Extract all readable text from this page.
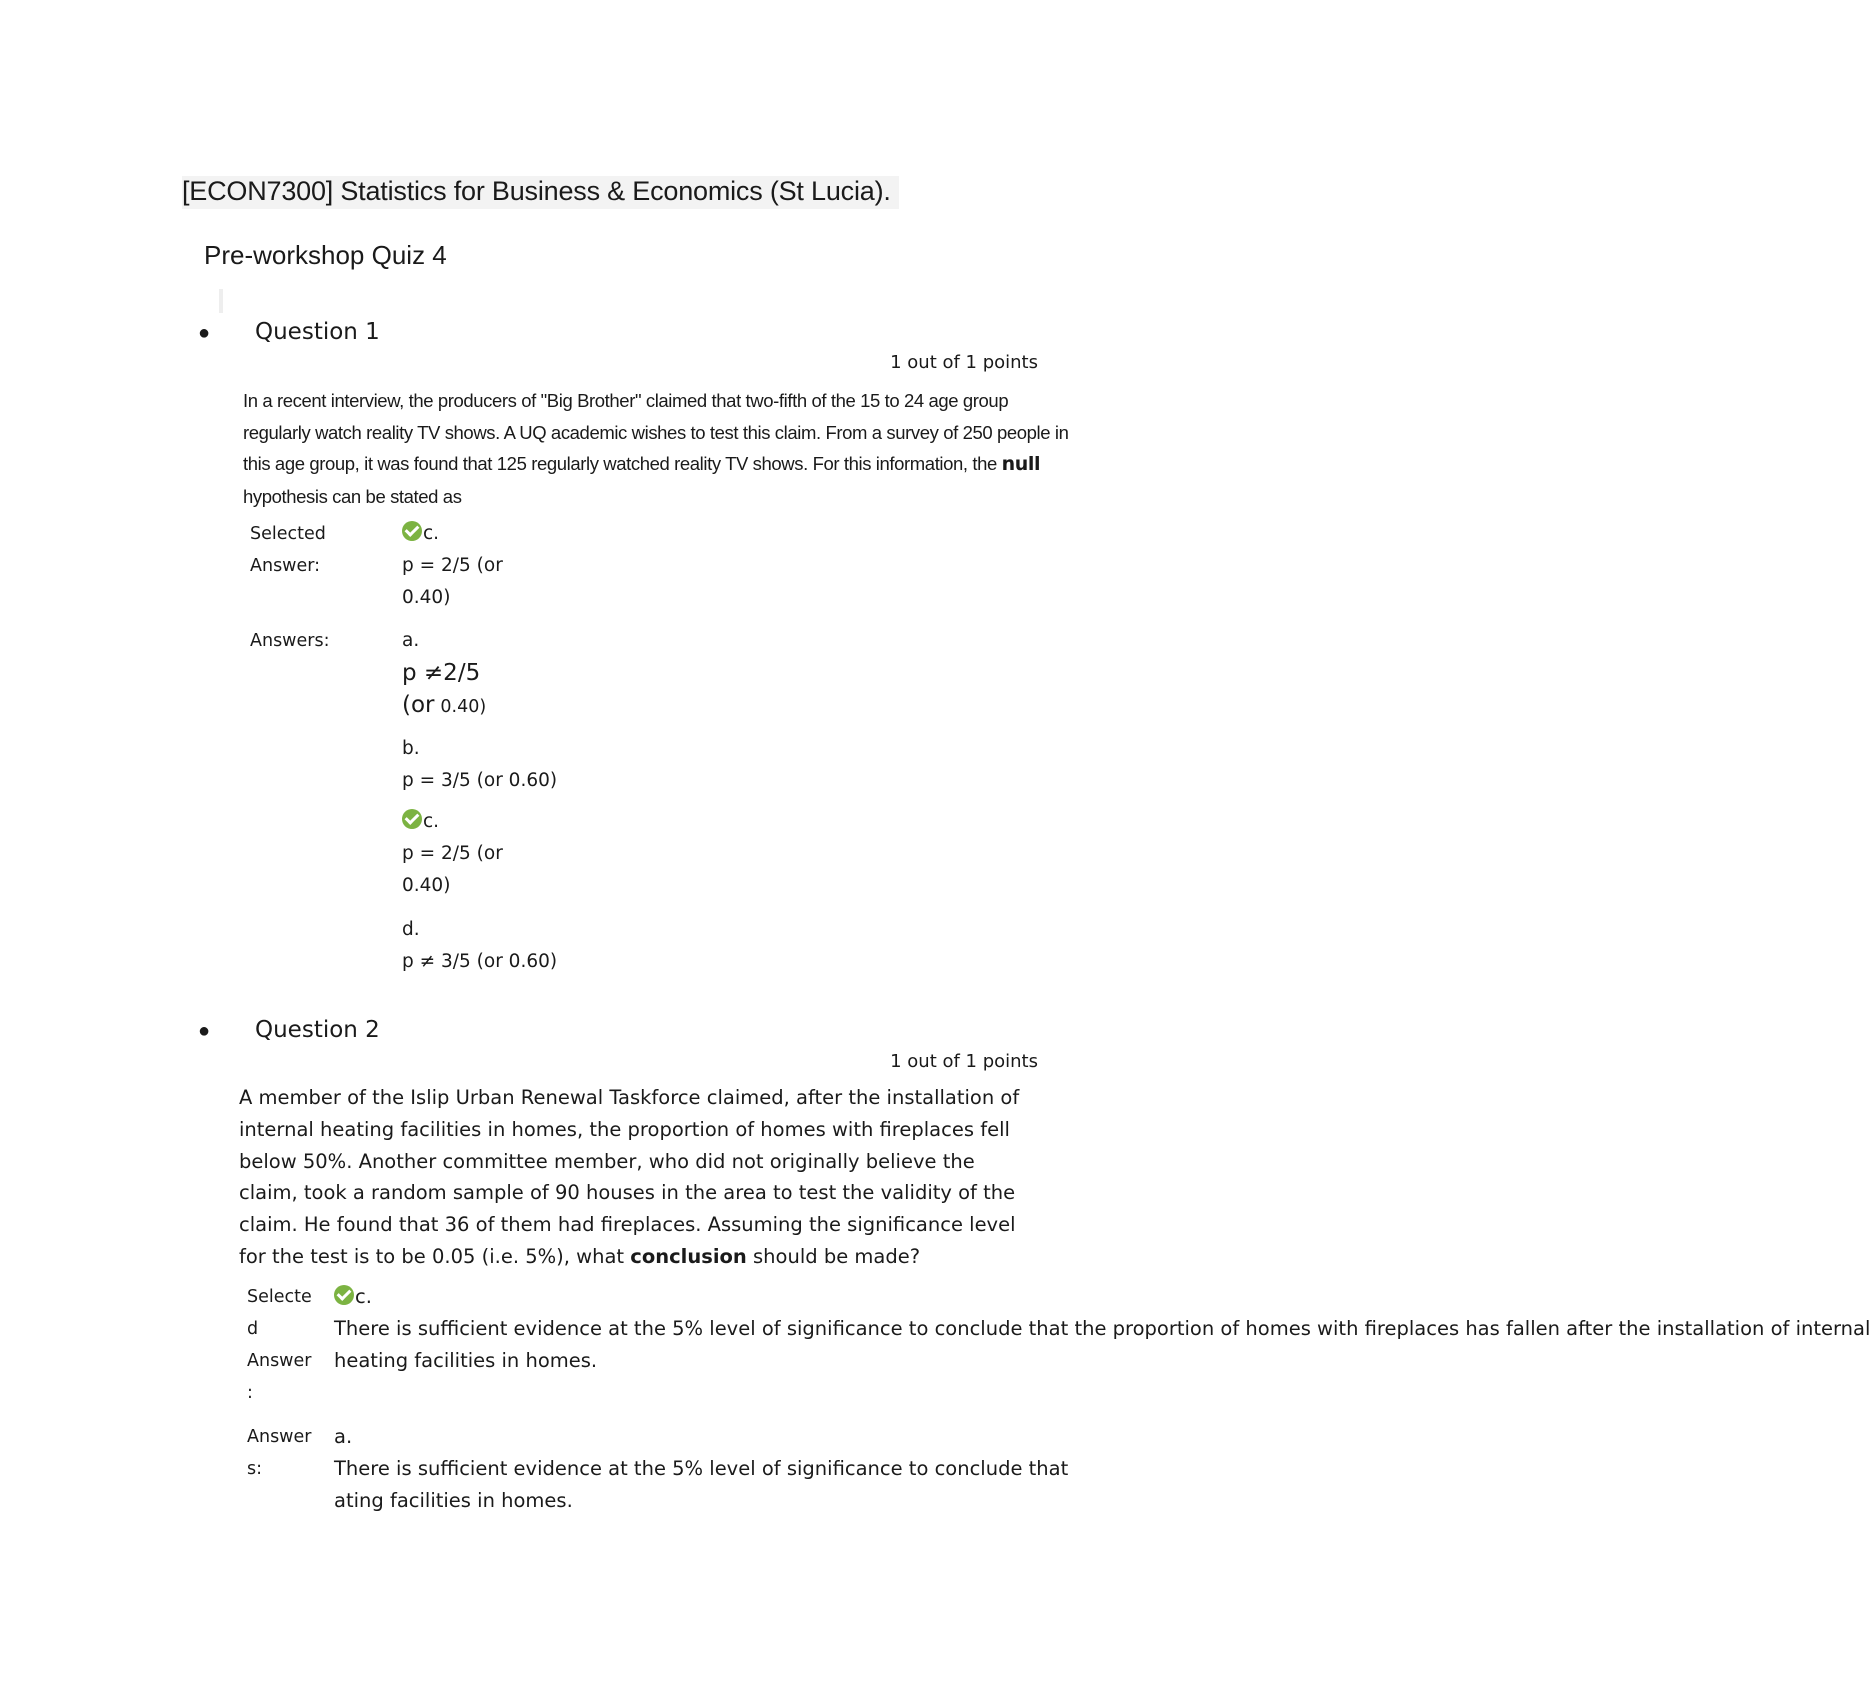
[ECON7300] Statistics for Business & Economics (St Lucia).
Pre-workshop Quiz 4
● Question 1
1 out of 1 points
In a recent interview, the producers of "Big Brother" claimed that two-fifth of the 15 to 24 age group regularly watch reality TV shows. A UQ academic wishes to test this claim. From a survey of 250 people in this age group, it was found that 125 regularly watched reality TV shows. For this information, the null hypothesis can be stated as
Selected
Answer:
c.
p = 2/5 (or
0.40)
Answers:	a.
p ≠2/5
(or 0.40)
b.
p = 3/5 (or 0.60)
c.
p = 2/5 (or
0.40)
d.
p ≠ 3/5 (or 0.60)
● Question 2
1 out of 1 points
A member of the Islip Urban Renewal Taskforce claimed, after the installation of
internal heating facilities in homes, the proportion of homes with fireplaces fell
below 50%. Another committee member, who did not originally believe the
claim, took a random sample of 90 houses in the area to test the validity of the
claim. He found that 36 of them had fireplaces. Assuming the significance level
for the test is to be 0.05 (i.e. 5%), what conclusion should be made?
Selecte
d
Answer
:
c.
There is sufficient evidence at the 5% level of significance to conclude that the proportion of homes with fireplaces has fallen after the installation of internal
heating facilities in homes.
Answer
s:
a.
There is sufficient evidence at the 5% level of significance to conclude that
ating facilities in homes.
